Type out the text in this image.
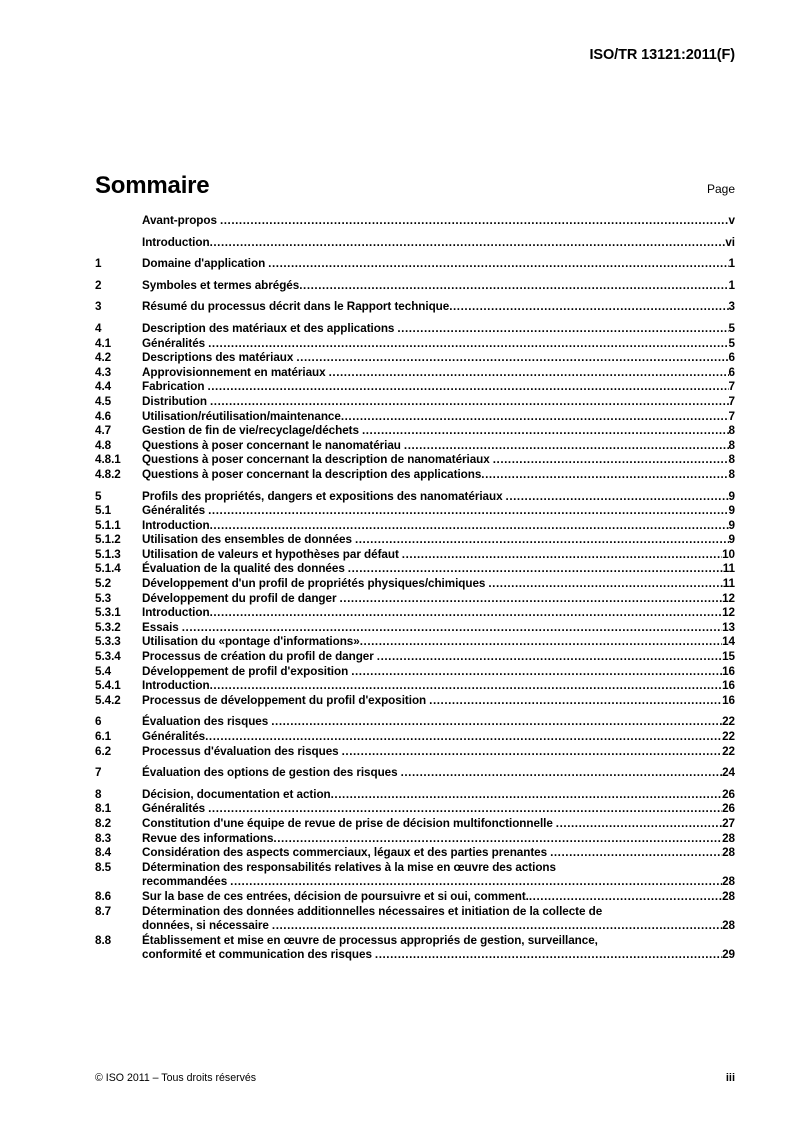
ISO/TR 13121:2011(F)
Sommaire	Page
Avant-propos .....	v
Introduction .....	vi
1	Domaine d'application .....	1
2	Symboles et termes abrégés .....	1
3	Résumé du processus décrit dans le Rapport technique .....	3
4	Description des matériaux et des applications .....	5
4.1	Généralités .....	5
4.2	Descriptions des matériaux .....	6
4.3	Approvisionnement en matériaux .....	6
4.4	Fabrication .....	7
4.5	Distribution .....	7
4.6	Utilisation/réutilisation/maintenance .....	7
4.7	Gestion de fin de vie/recyclage/déchets .....	8
4.8	Questions à poser concernant le nanomatériau .....	8
4.8.1	Questions à poser concernant la description de nanomatériaux .....	8
4.8.2	Questions à poser concernant la description des applications .....	8
5	Profils des propriétés, dangers et expositions des nanomatériaux .....	9
5.1	Généralités .....	9
5.1.1	Introduction .....	9
5.1.2	Utilisation des ensembles de données .....	9
5.1.3	Utilisation de valeurs et hypothèses par défaut .....	10
5.1.4	Évaluation de la qualité des données .....	11
5.2	Développement d'un profil de propriétés physiques/chimiques .....	11
5.3	Développement du profil de danger .....	12
5.3.1	Introduction .....	12
5.3.2	Essais .....	13
5.3.3	Utilisation du «pontage d'informations» .....	14
5.3.4	Processus de création du profil de danger .....	15
5.4	Développement de profil d'exposition .....	16
5.4.1	Introduction .....	16
5.4.2	Processus de développement du profil d'exposition .....	16
6	Évaluation des risques .....	22
6.1	Généralités .....	22
6.2	Processus d'évaluation des risques .....	22
7	Évaluation des options de gestion des risques .....	24
8	Décision, documentation et action .....	26
8.1	Généralités .....	26
8.2	Constitution d'une équipe de revue de prise de décision multifonctionnelle .....	27
8.3	Revue des informations .....	28
8.4	Considération des aspects commerciaux, légaux et des parties prenantes .....	28
8.5	Détermination des responsabilités relatives à la mise en œuvre des actions
recommandées .....	28
8.6	Sur la base de ces entrées, décision de poursuivre et si oui, comment. .....	28
8.7	Détermination des données additionnelles nécessaires et initiation de la collecte de
données, si nécessaire .....	28
8.8	Établissement et mise en œuvre de processus appropriés de gestion, surveillance,
conformité et communication des risques .....	29
© ISO 2011 – Tous droits réservés	iii
